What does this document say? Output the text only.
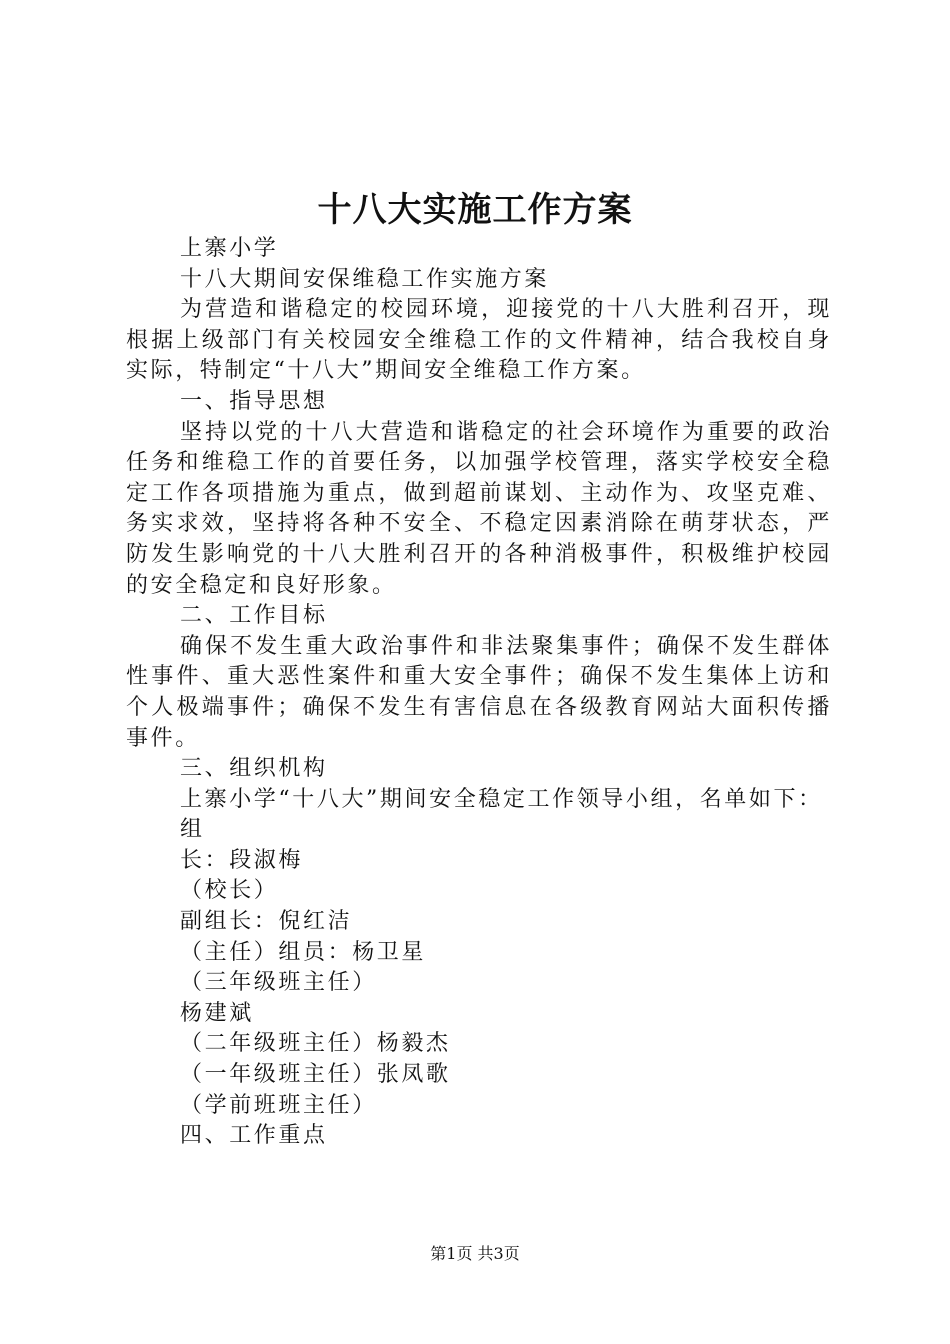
十八大实施工作方案

上寨小学

十八大期间安保维稳工作实施方案

为营造和谐稳定的校园环境，迎接党的十八大胜利召开，现根据上级部门有关校园安全维稳工作的文件精神，结合我校自身实际，特制定“十八大”期间安全维稳工作方案。

一、指导思想

坚持以党的十八大营造和谐稳定的社会环境作为重要的政治任务和维稳工作的首要任务，以加强学校管理，落实学校安全稳定工作各项措施为重点，做到超前谋划、主动作为、攻坚克难、务实求效，坚持将各种不安全、不稳定因素消除在萌芽状态，严防发生影响党的十八大胜利召开的各种消极事件，积极维护校园的安全稳定和良好形象。

二、工作目标

确保不发生重大政治事件和非法聚集事件；确保不发生群体性事件、重大恶性案件和重大安全事件；确保不发生集体上访和个人极端事件；确保不发生有害信息在各级教育网站大面积传播事件。

三、组织机构

上寨小学“十八大”期间安全稳定工作领导小组，名单如下：

组

长：段淑梅

（校长）

副组长：倪红洁

（主任）组员：杨卫星

（三年级班主任）

杨建斌

（二年级班主任）杨毅杰

（一年级班主任）张凤歌

（学前班班主任）

四、工作重点

第1页 共3页
